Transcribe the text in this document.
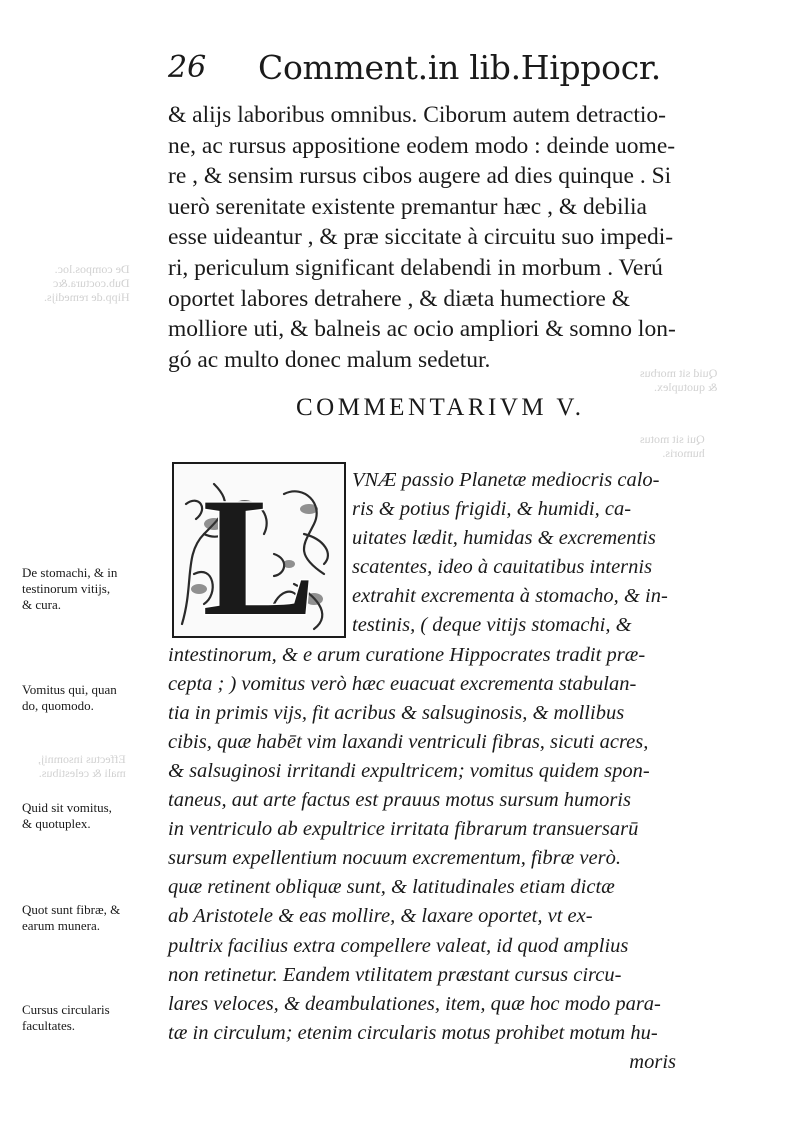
De compos.loc.
Dub.coctura.&c
Hipp.de remedijs.
Quid sit morbus
& quotuplex.
Effectus insomnij,
mali & celestibus.
Qui sit motus
humoris.
26 Comment.in lib.Hippocr.
& alijs laboribus omnibus. Ciborum autem detractio-
ne, ac rursus appositione eodem modo : deinde uome-
re , & sensim rursus cibos augere ad dies quinque . Si
uerò serenitate existente premantur hæc , & debilia
esse uideantur , & præ siccitate à circuitu suo impedi-
ri, periculum significant delabendi in morbum . Verú
oportet labores detrahere , & diæta humectiore &
molliore uti, & balneis ac ocio ampliori & somno lon-
gó ac multo donec malum sedetur.
COMMENTARIVM V.
L	VNÆ passio Planetæ mediocris calo-
ris & potius frigidi, & humidi, ca-
uitates lædit, humidas & excrementis
scatentes, ideo à cauitatibus internis
extrahit excrementa à stomacho, & in-
testinis, ( deque vitijs stomachi, &
intestinorum, & e arum curatione Hippocrates tradit præ-
cepta ; ) vomitus verò hæc euacuat excrementa stabulan-
tia in primis vijs, fit acribus & salsuginosis, & mollibus
cibis, quæ habēt vim laxandi ventriculi fibras, sicuti acres,
& salsuginosi irritandi expultricem; vomitus quidem spon-
taneus, aut arte factus est prauus motus sursum humoris
in ventriculo ab expultrice irritata fibrarum transuersarū
sursum expellentium nocuum excrementum, fibræ verò.
quæ retinent obliquæ sunt, & latitudinales etiam dictæ
ab Aristotele & eas mollire, & laxare oportet, vt ex-
pultrix facilius extra compellere valeat, id quod amplius
non retinetur. Eandem vtilitatem præstant cursus circu-
lares veloces, & deambulationes, item, quæ hoc modo para-
tæ in circulum; etenim circularis motus prohibet motum hu-
moris
De stomachi, & in
testinorum vitijs,
& cura.
Vomitus qui, quan
do, quomodo.
Quid sit vomitus,
& quotuplex.
Quot sunt fibræ, &
earum munera.
Cursus circularis
facultates.
